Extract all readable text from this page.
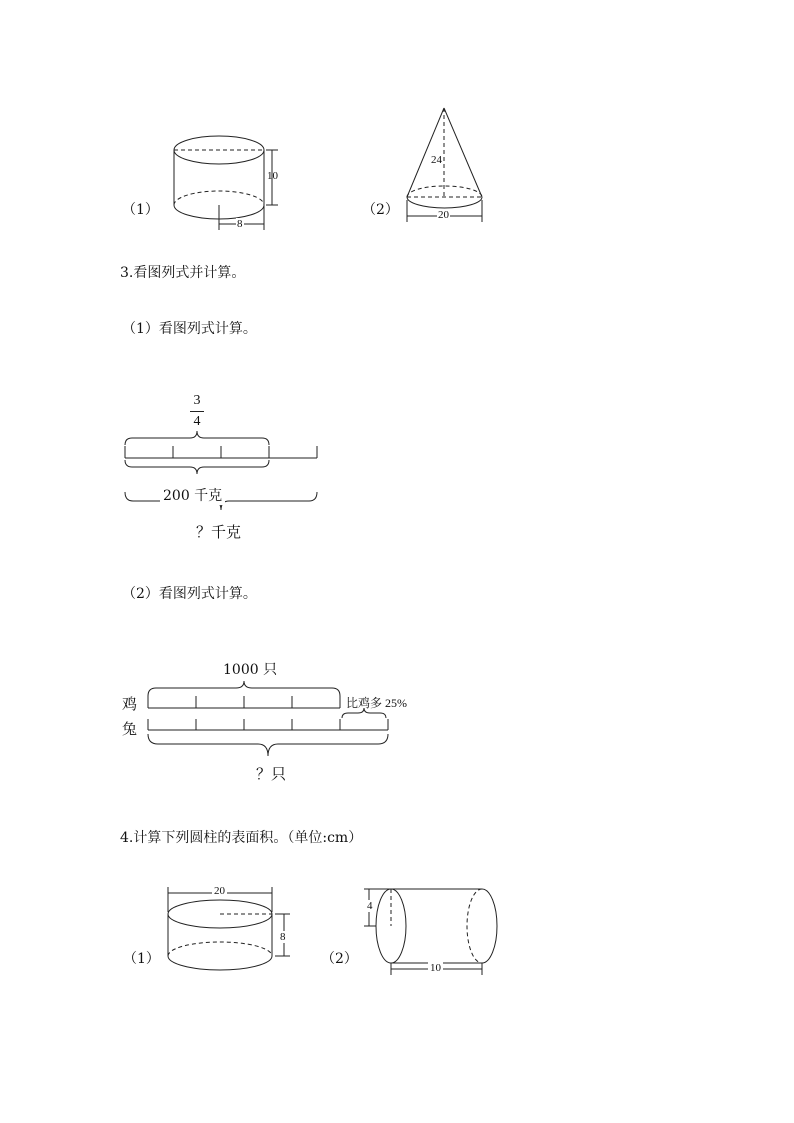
（1）
10
8
（2）
24
20
3.看图列式并计算。
（1）看图列式计算。
3
4
200 千克
？千克
（2）看图列式计算。
1000 只
鸡
兔
比鸡多 25%
？只
4.计算下列圆柱的表面积。（单位:cm）
（1）
20
8
（2）
4
10
